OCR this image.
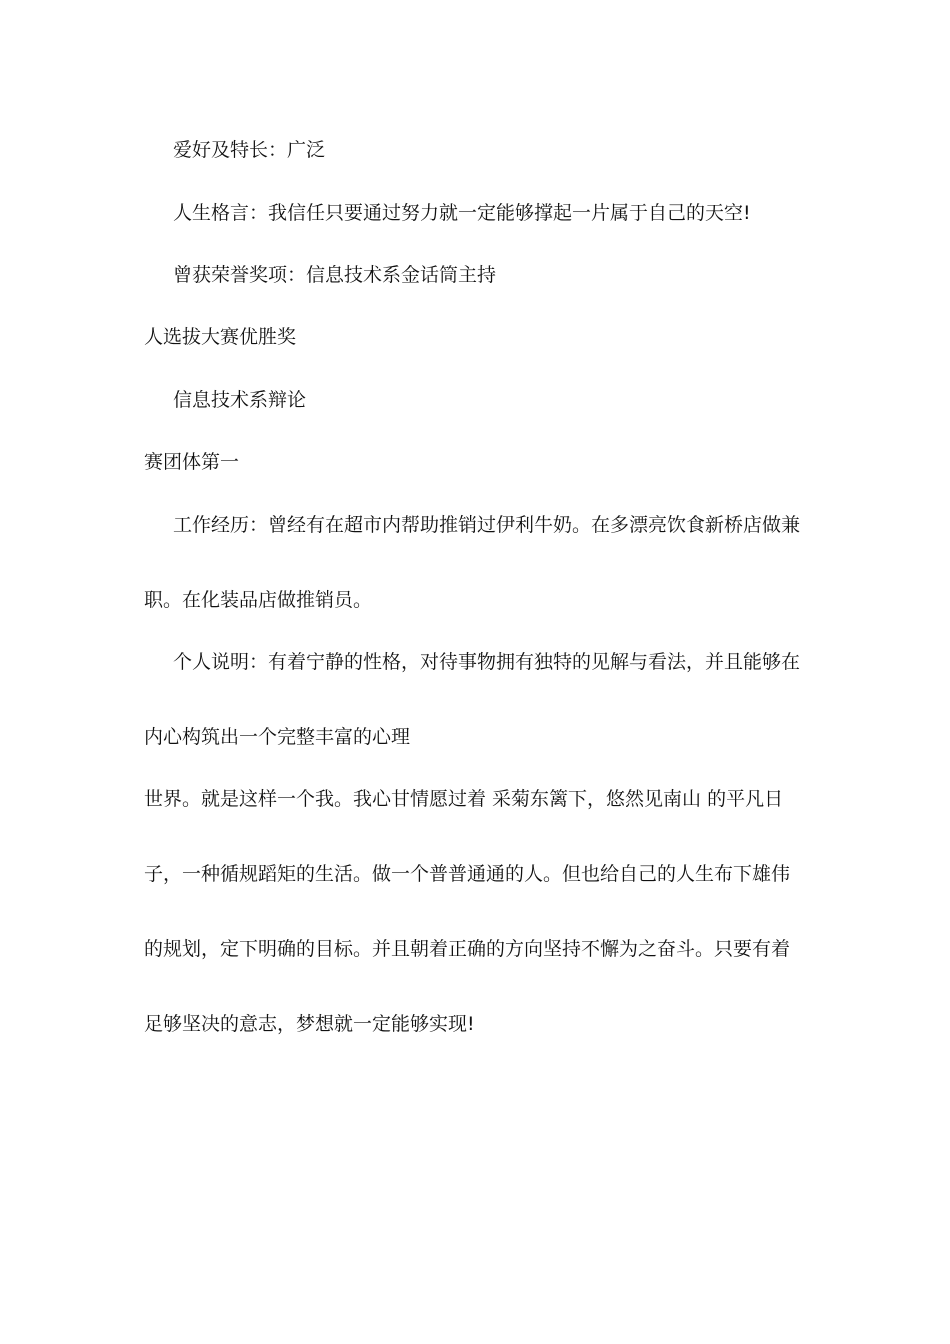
爱好及特长：广泛
人生格言：我信任只要通过努力就一定能够撑起一片属于自己的天空!
曾获荣誉奖项：信息技术系金话筒主持
人选拔大赛优胜奖
信息技术系辩论
赛团体第一
工作经历：曾经有在超市内帮助推销过伊利牛奶。在多漂亮饮食新桥店做兼
职。在化装品店做推销员。
个人说明：有着宁静的性格，对待事物拥有独特的见解与看法，并且能够在
内心构筑出一个完整丰富的心理
世界。就是这样一个我。我心甘情愿过着 采菊东篱下，悠然见南山 的平凡日
子，一种循规蹈矩的生活。做一个普普通通的人。但也给自己的人生布下雄伟
的规划，定下明确的目标。并且朝着正确的方向坚持不懈为之奋斗。只要有着
足够坚决的意志，梦想就一定能够实现!
